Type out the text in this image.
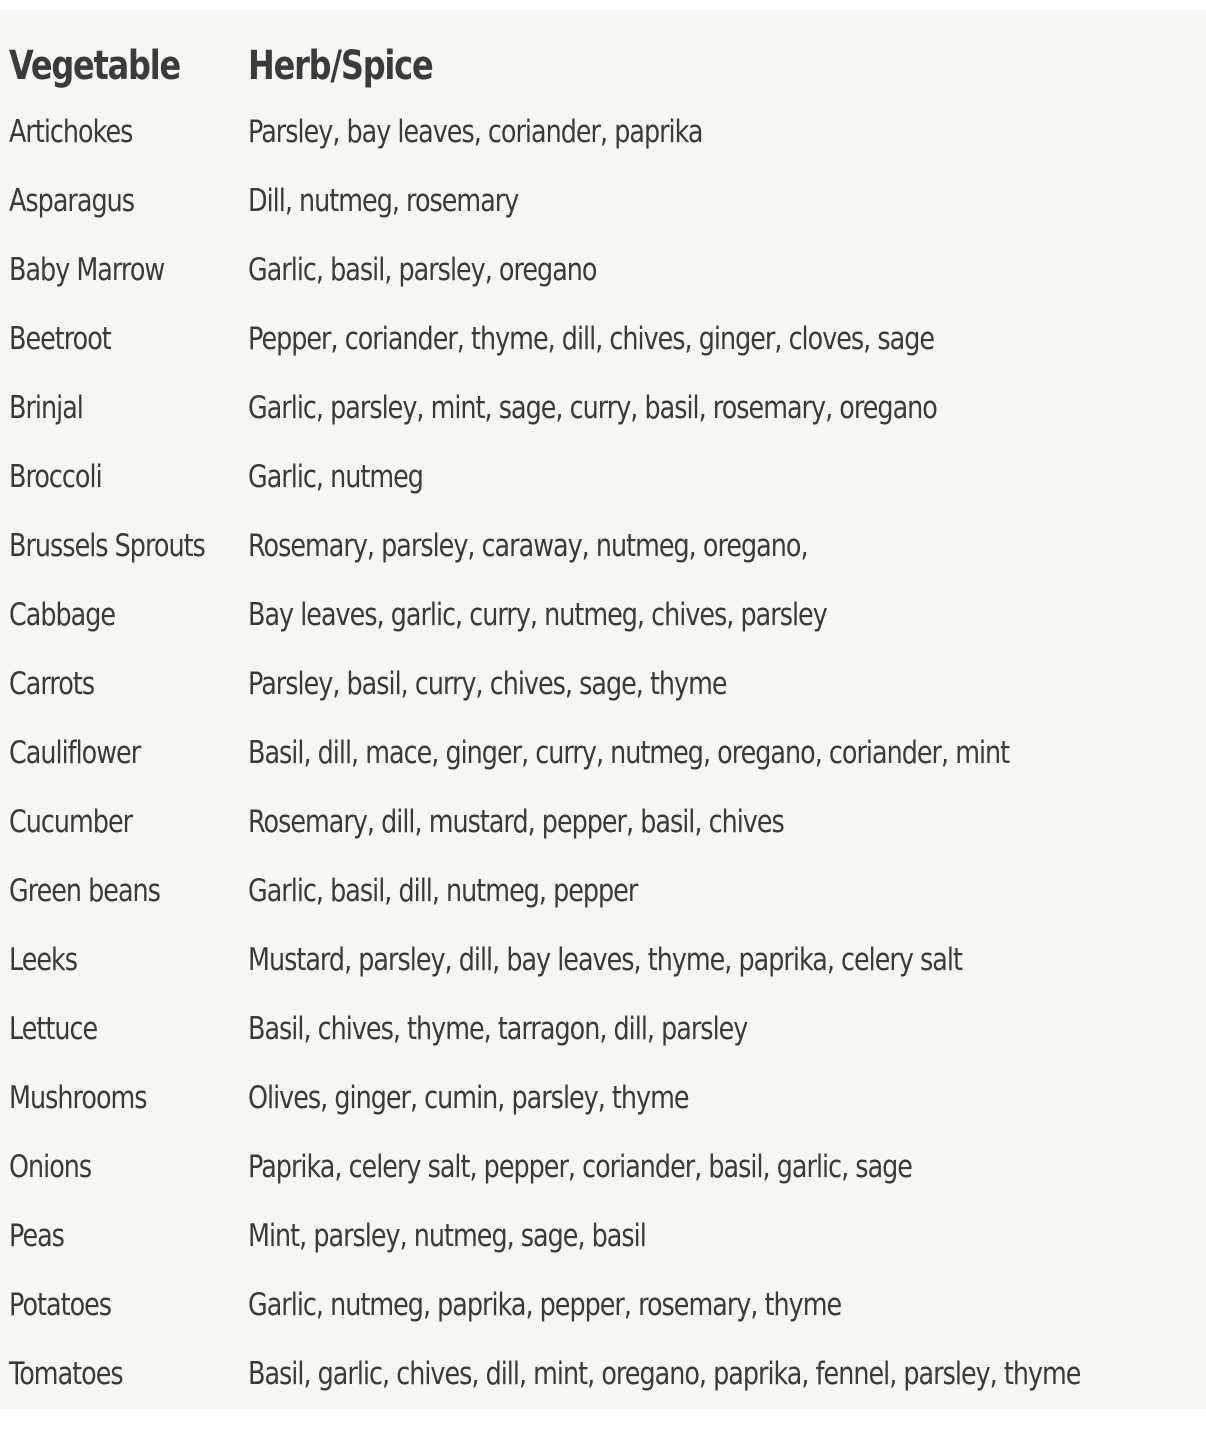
Vegetable	Herb/Spice
Artichokes	Parsley, bay leaves, coriander, paprika
Asparagus	Dill, nutmeg, rosemary
Baby Marrow	Garlic, basil, parsley, oregano
Beetroot	Pepper, coriander, thyme, dill, chives, ginger, cloves, sage
Brinjal	Garlic, parsley, mint, sage, curry, basil, rosemary, oregano
Broccoli	Garlic, nutmeg
Brussels Sprouts	Rosemary, parsley, caraway, nutmeg, oregano,
Cabbage	Bay leaves, garlic, curry, nutmeg, chives, parsley
Carrots	Parsley, basil, curry, chives, sage, thyme
Cauliflower	Basil, dill, mace, ginger, curry, nutmeg, oregano, coriander, mint
Cucumber	Rosemary, dill, mustard, pepper, basil, chives
Green beans	Garlic, basil, dill, nutmeg, pepper
Leeks	Mustard, parsley, dill, bay leaves, thyme, paprika, celery salt
Lettuce	Basil, chives, thyme, tarragon, dill, parsley
Mushrooms	Olives, ginger, cumin, parsley, thyme
Onions	Paprika, celery salt, pepper, coriander, basil, garlic, sage
Peas	Mint, parsley, nutmeg, sage, basil
Potatoes	Garlic, nutmeg, paprika, pepper, rosemary, thyme
Tomatoes	Basil, garlic, chives, dill, mint, oregano, paprika, fennel, parsley, thyme
